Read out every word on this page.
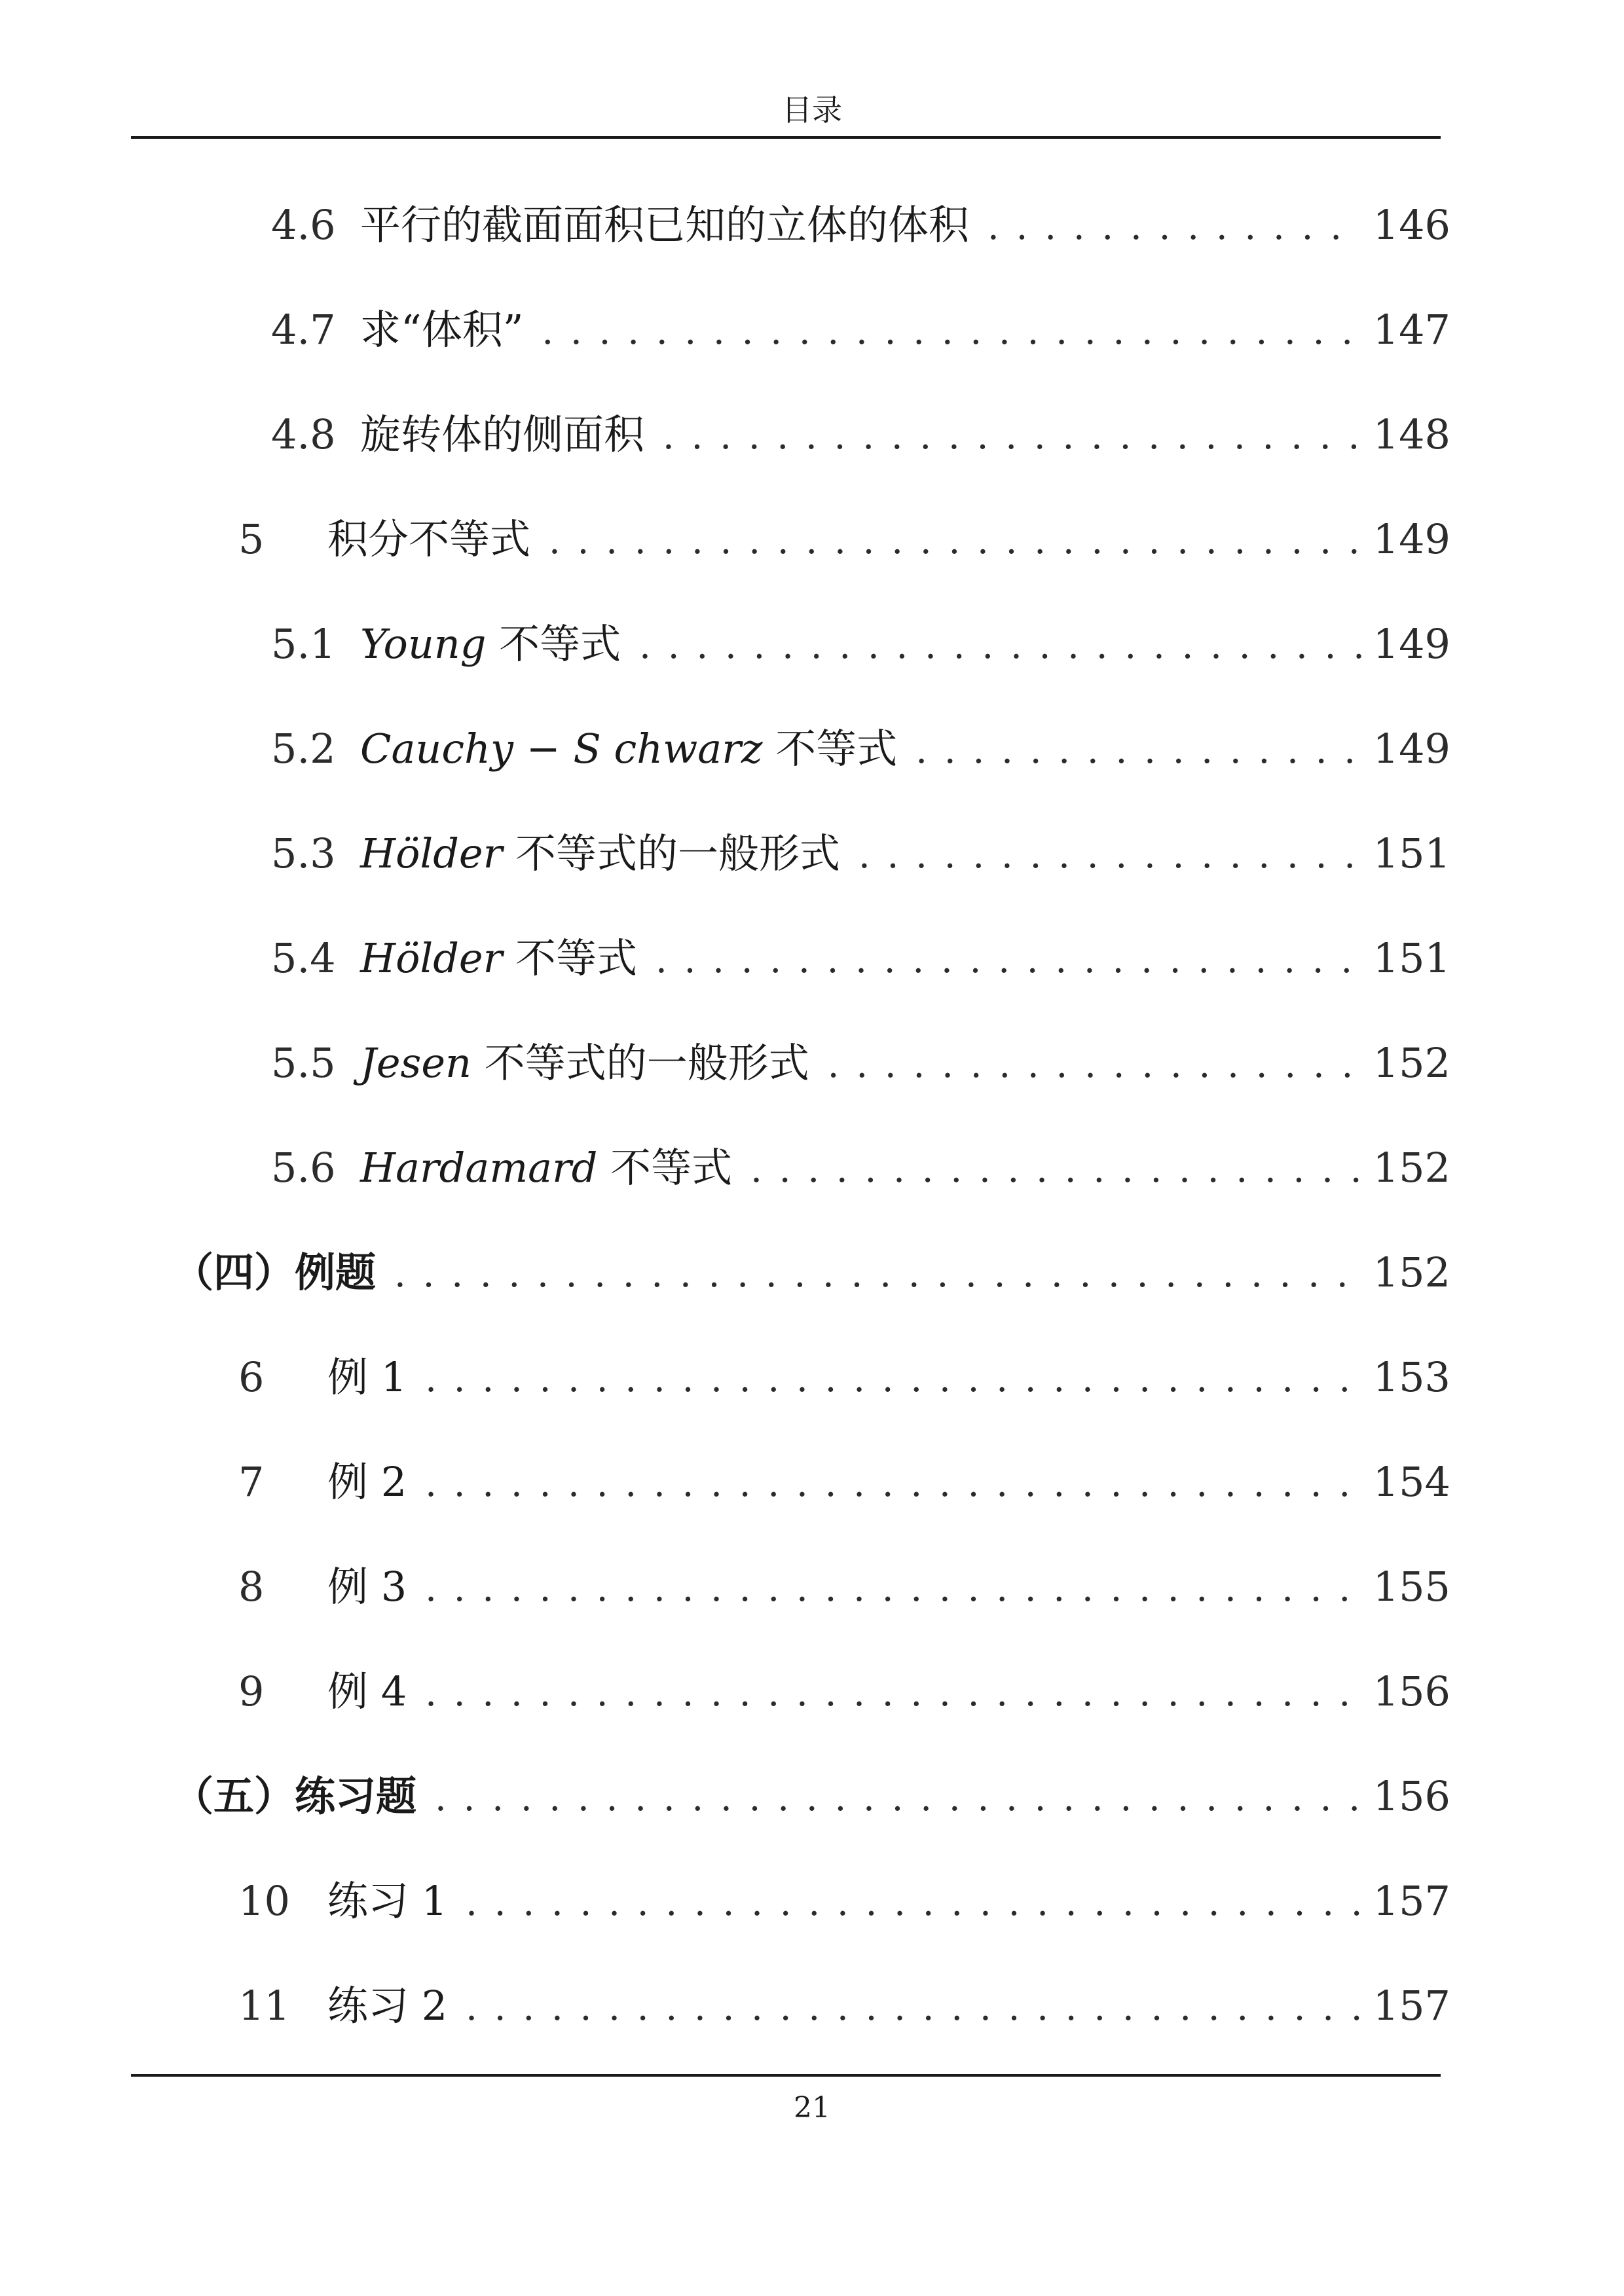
目录
4.6 平行的截面面积已知的立体的体积 . . .	146
4.7 求“体积” . . .	147
4.8 旋转体的侧面积 . . .	148
5	积分不等式 . . .	149
5.1 Young 不等式 . . .	149
5.2 Cauchy − S chwarz 不等式 . . .	149
5.3 Hölder 不等式的一般形式 . . .	151
5.4 Hölder 不等式 . . .	151
5.5 Jesen 不等式的一般形式 . . .	152
5.6 Hardamard 不等式 . . .	152
（四）例题 . . .	152
6	例 1 . . .	153
7	例 2 . . .	154
8	例 3 . . .	155
9	例 4 . . .	156
（五）练习题 . . .	156
10 练习 1 . . .	157
11 练习 2 . . .	157
21
